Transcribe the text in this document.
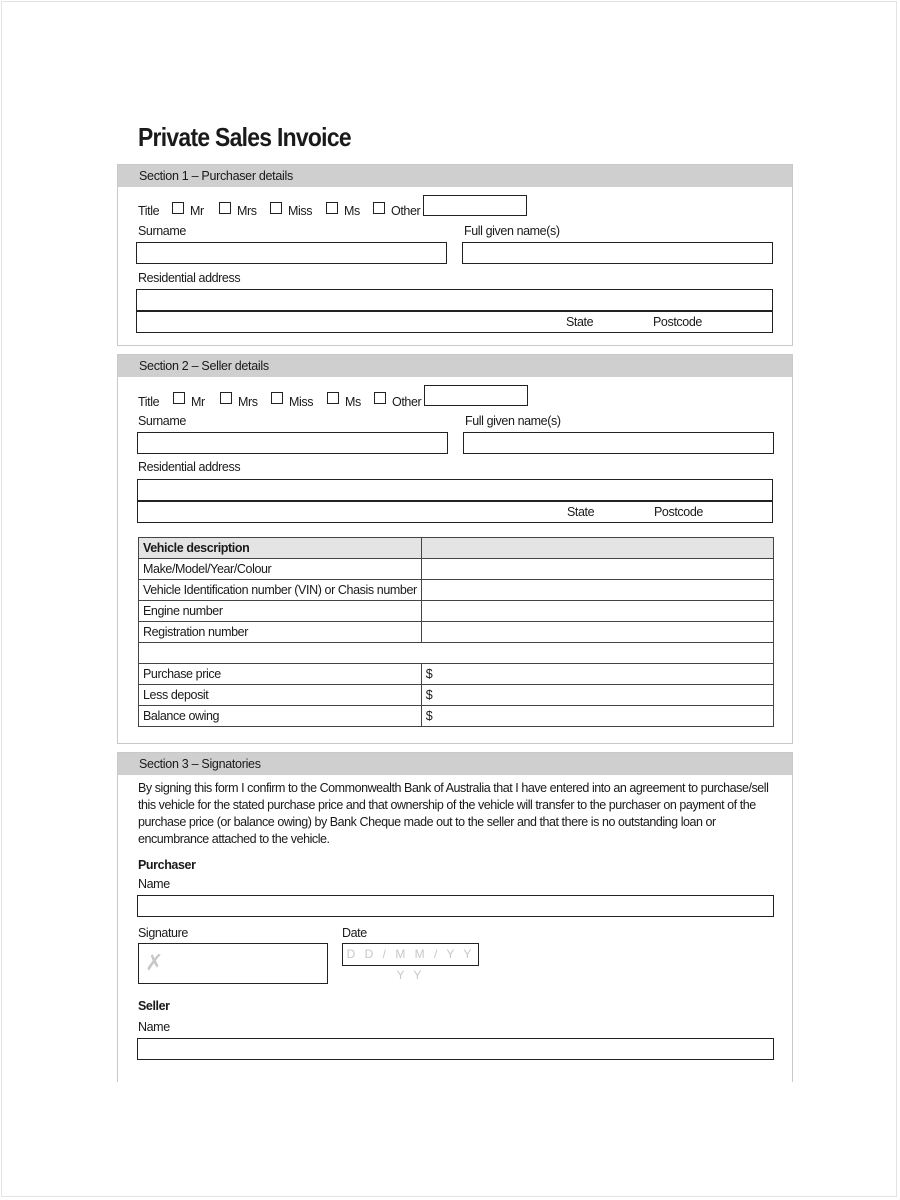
Private Sales Invoice
Section 1 – Purchaser details
Title Mr	Mrs	Miss	Ms Other
Surname	Full given name(s)
Residential address
State	Postcode
Section 2 – Seller details
Title	Mr	Mrs	Miss	Ms Other
Surname	Full given name(s)
Residential address
State	Postcode
Vehicle description	
Make/Model/Year/Colour	
Vehicle Identification number (VIN) or Chasis number	
Engine number	
Registration number	

Purchase price	$
Less deposit	$
Balance owing	$
Section 3 – Signatories
By signing this form I confirm to the Commonwealth Bank of Australia that I have entered into an agreement to purchase/sell this vehicle for the stated purchase price and that ownership of the vehicle will transfer to the purchaser on payment of the purchase price (or balance owing) by Bank Cheque made out to the seller and that there is no outstanding loan or encumbrance attached to the vehicle.
Purchaser
Name
Signature
✗
Date
D D / M M / Y Y Y Y
Seller
Name
